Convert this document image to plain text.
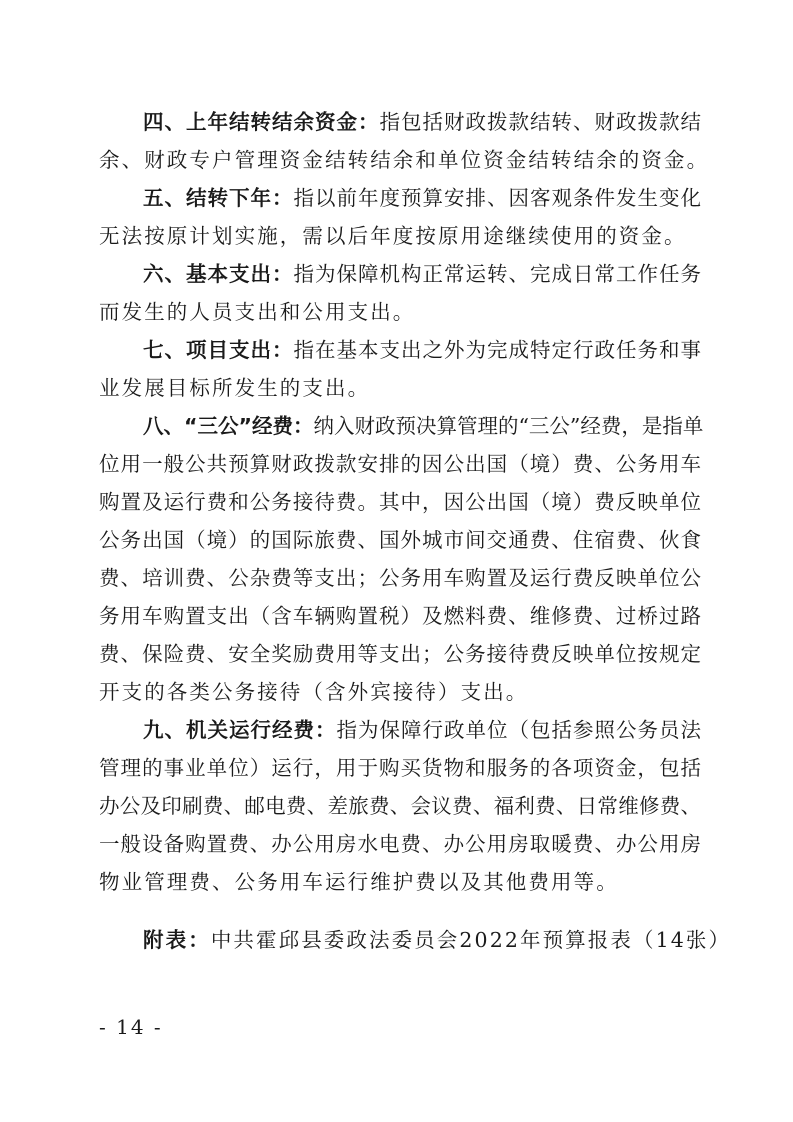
四、上年结转结余资金：指包括财政拨款结转、财政拨款结
余、财政专户管理资金结转结余和单位资金结转结余的资金。
五、结转下年：指以前年度预算安排、因客观条件发生变化
无法按原计划实施，需以后年度按原用途继续使用的资金。
六、基本支出：指为保障机构正常运转、完成日常工作任务
而发生的人员支出和公用支出。
七、项目支出：指在基本支出之外为完成特定行政任务和事
业发展目标所发生的支出。
八、“三公”经费：纳入财政预决算管理的“三公”经费，是指单
位用一般公共预算财政拨款安排的因公出国（境）费、公务用车
购置及运行费和公务接待费。其中，因公出国（境）费反映单位
公务出国（境）的国际旅费、国外城市间交通费、住宿费、伙食
费、培训费、公杂费等支出；公务用车购置及运行费反映单位公
务用车购置支出（含车辆购置税）及燃料费、维修费、过桥过路
费、保险费、安全奖励费用等支出；公务接待费反映单位按规定
开支的各类公务接待（含外宾接待）支出。
九、机关运行经费：指为保障行政单位（包括参照公务员法
管理的事业单位）运行，用于购买货物和服务的各项资金，包括
办公及印刷费、邮电费、差旅费、会议费、福利费、日常维修费、
一般设备购置费、办公用房水电费、办公用房取暖费、办公用房
物业管理费、公务用车运行维护费以及其他费用等。
附表：中共霍邱县委政法委员会2022年预算报表（14张）
- 14 -
